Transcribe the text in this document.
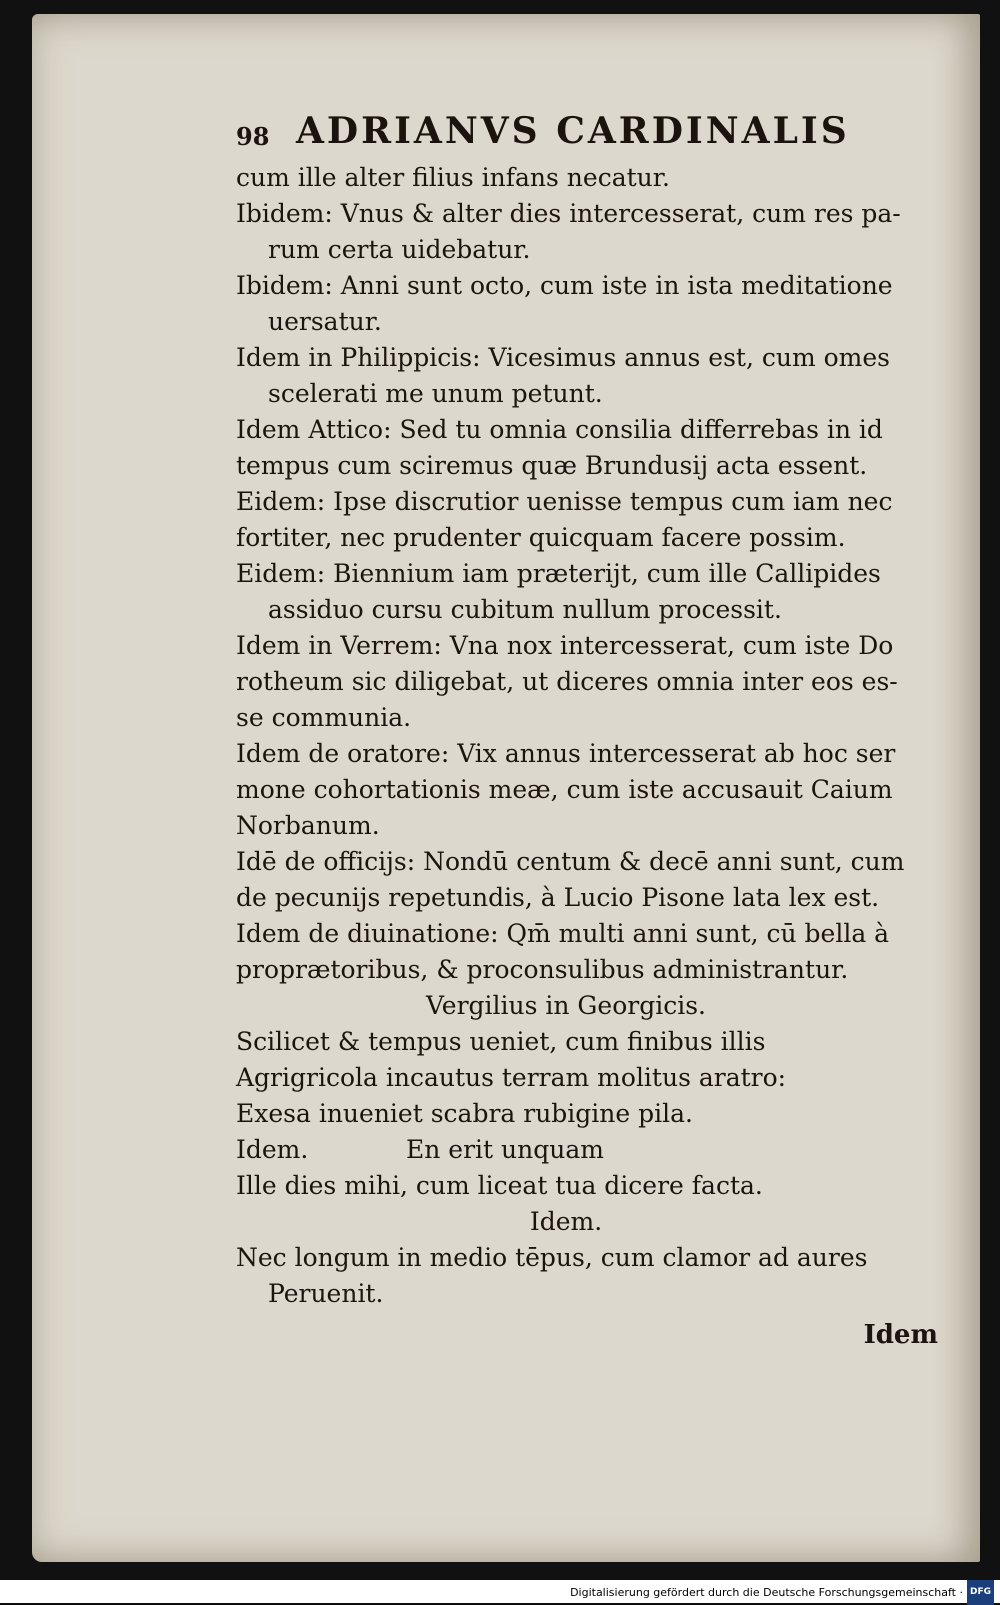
98 ADRIANVS CARDINALIS
cum ille alter filius infans necatur.
Ibidem: Vnus & alter dies intercesserat, cum res pa-
rum certa uidebatur.
Ibidem: Anni sunt octo, cum iste in ista meditatione
uersatur.
Idem in Philippicis: Vicesimus annus est, cum omes
scelerati me unum petunt.
Idem Attico: Sed tu omnia consilia differrebas in id
tempus cum sciremus quæ Brundusij acta essent.
Eidem: Ipse discrutior uenisse tempus cum iam nec
fortiter, nec prudenter quicquam facere possim.
Eidem: Biennium iam præterijt, cum ille Callipides
assiduo cursu cubitum nullum processit.
Idem in Verrem: Vna nox intercesserat, cum iste Do
rotheum sic diligebat, ut diceres omnia inter eos es-
se communia.
Idem de oratore: Vix annus intercesserat ab hoc ser
mone cohortationis meæ, cum iste accusauit Caium
Norbanum.
Idē de officijs: Nondū centum & decē anni sunt, cum
de pecunijs repetundis, à Lucio Pisone lata lex est.
Idem de diuinatione: Qm̄ multi anni sunt, cū bella à
proprætoribus, & proconsulibus administrantur.
Vergilius in Georgicis.
Scilicet & tempus ueniet, cum finibus illis
Agrigricola incautus terram molitus aratro:
Exesa inueniet scabra rubigine pila.
Idem.	En erit unquam
Ille dies mihi, cum liceat tua dicere facta.
Idem.
Nec longum in medio tēpus, cum clamor ad aures
Peruenit.
Idem
Digitalisierung gefördert durch die Deutsche Forschungsgemeinschaft · DFG
